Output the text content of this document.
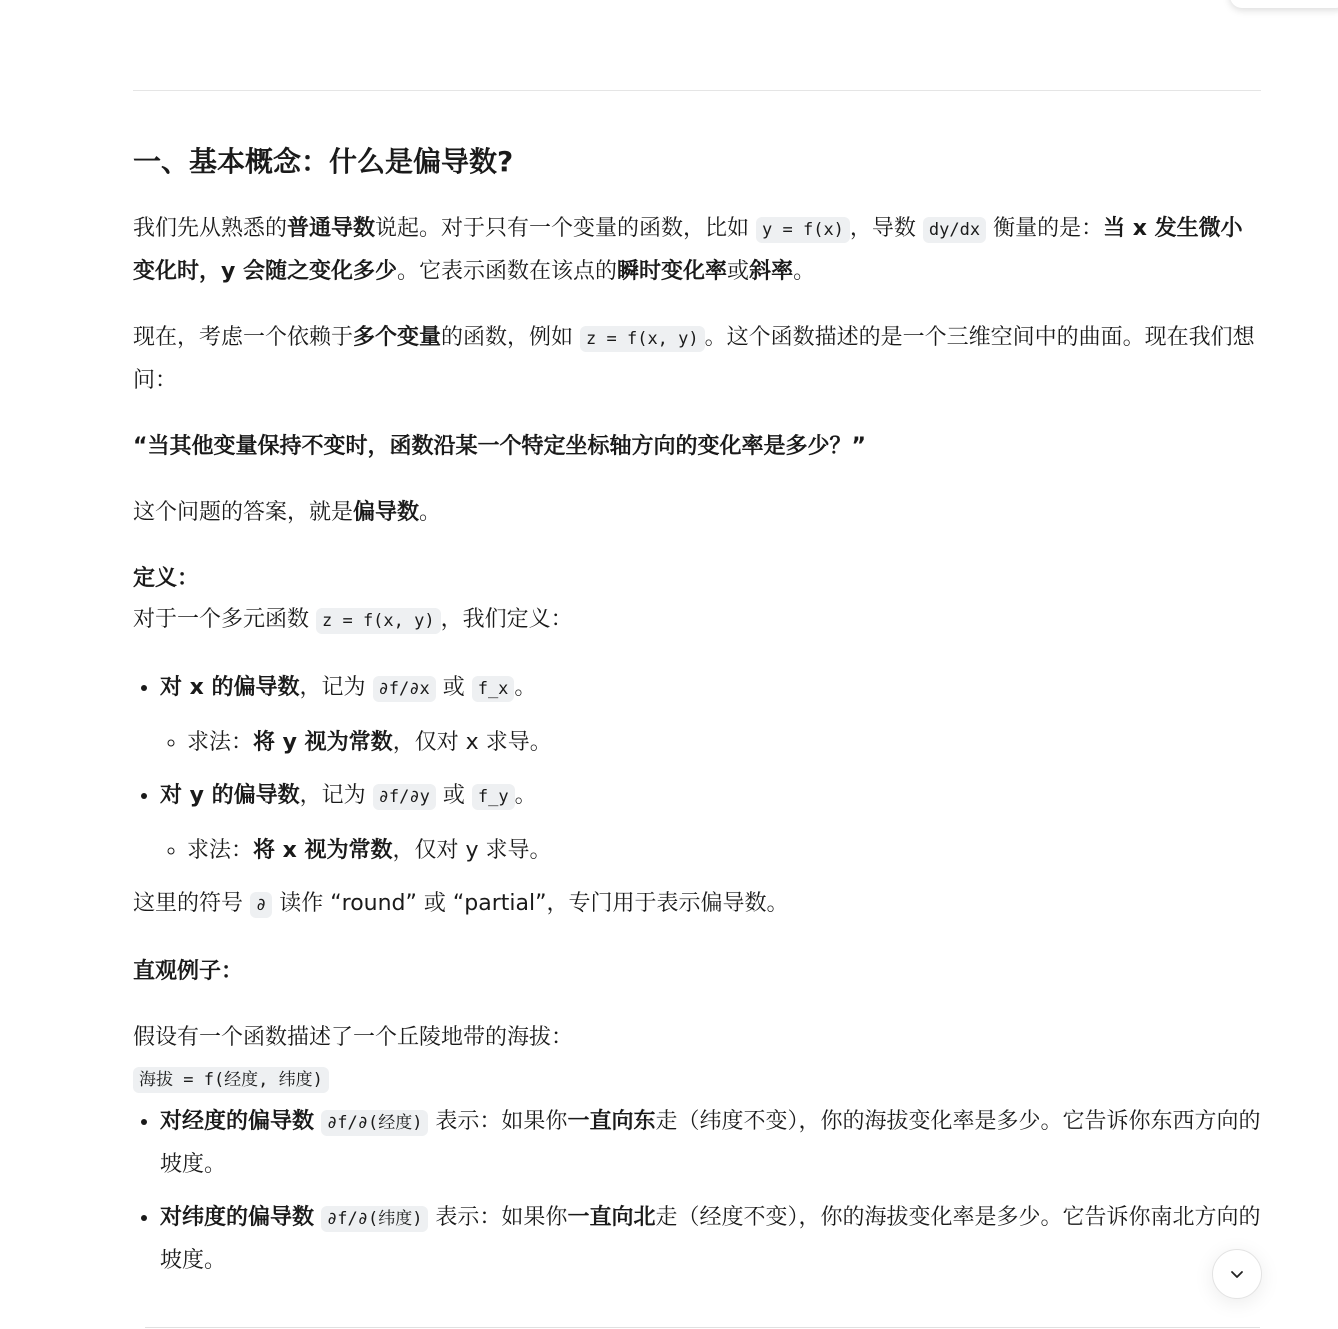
一、基本概念：什么是偏导数?

我们先从熟悉的普通导数说起。对于只有一个变量的函数，比如 y = f(x) ，导数 dy/dx 衡量的是：当 x 发生微小变化时，y 会随之变化多少。它表示函数在该点的瞬时变化率或斜率。

现在，考虑一个依赖于多个变量的函数，例如 z = f(x, y) 。这个函数描述的是一个三维空间中的曲面。现在我们想问：

“当其他变量保持不变时，函数沿某一个特定坐标轴方向的变化率是多少？”

这个问题的答案，就是偏导数。

定义：
对于一个多元函数 z = f(x, y) ，我们定义：

• 对 x 的偏导数，记为 ∂f/∂x 或 f_x 。
◦ 求法：将 y 视为常数，仅对 x 求导。
• 对 y 的偏导数，记为 ∂f/∂y 或 f_y 。
◦ 求法：将 x 视为常数，仅对 y 求导。

这里的符号 ∂ 读作 “round” 或 “partial”，专门用于表示偏导数。

直观例子：

假设有一个函数描述了一个丘陵地带的海拔：
海拔 = f(经度, 纬度)

• 对经度的偏导数 ∂f/∂(经度) 表示：如果你一直向东走（纬度不变），你的海拔变化率是多少。它告诉你东西方向的坡度。
• 对纬度的偏导数 ∂f/∂(纬度) 表示：如果你一直向北走（经度不变），你的海拔变化率是多少。它告诉你南北方向的坡度。
